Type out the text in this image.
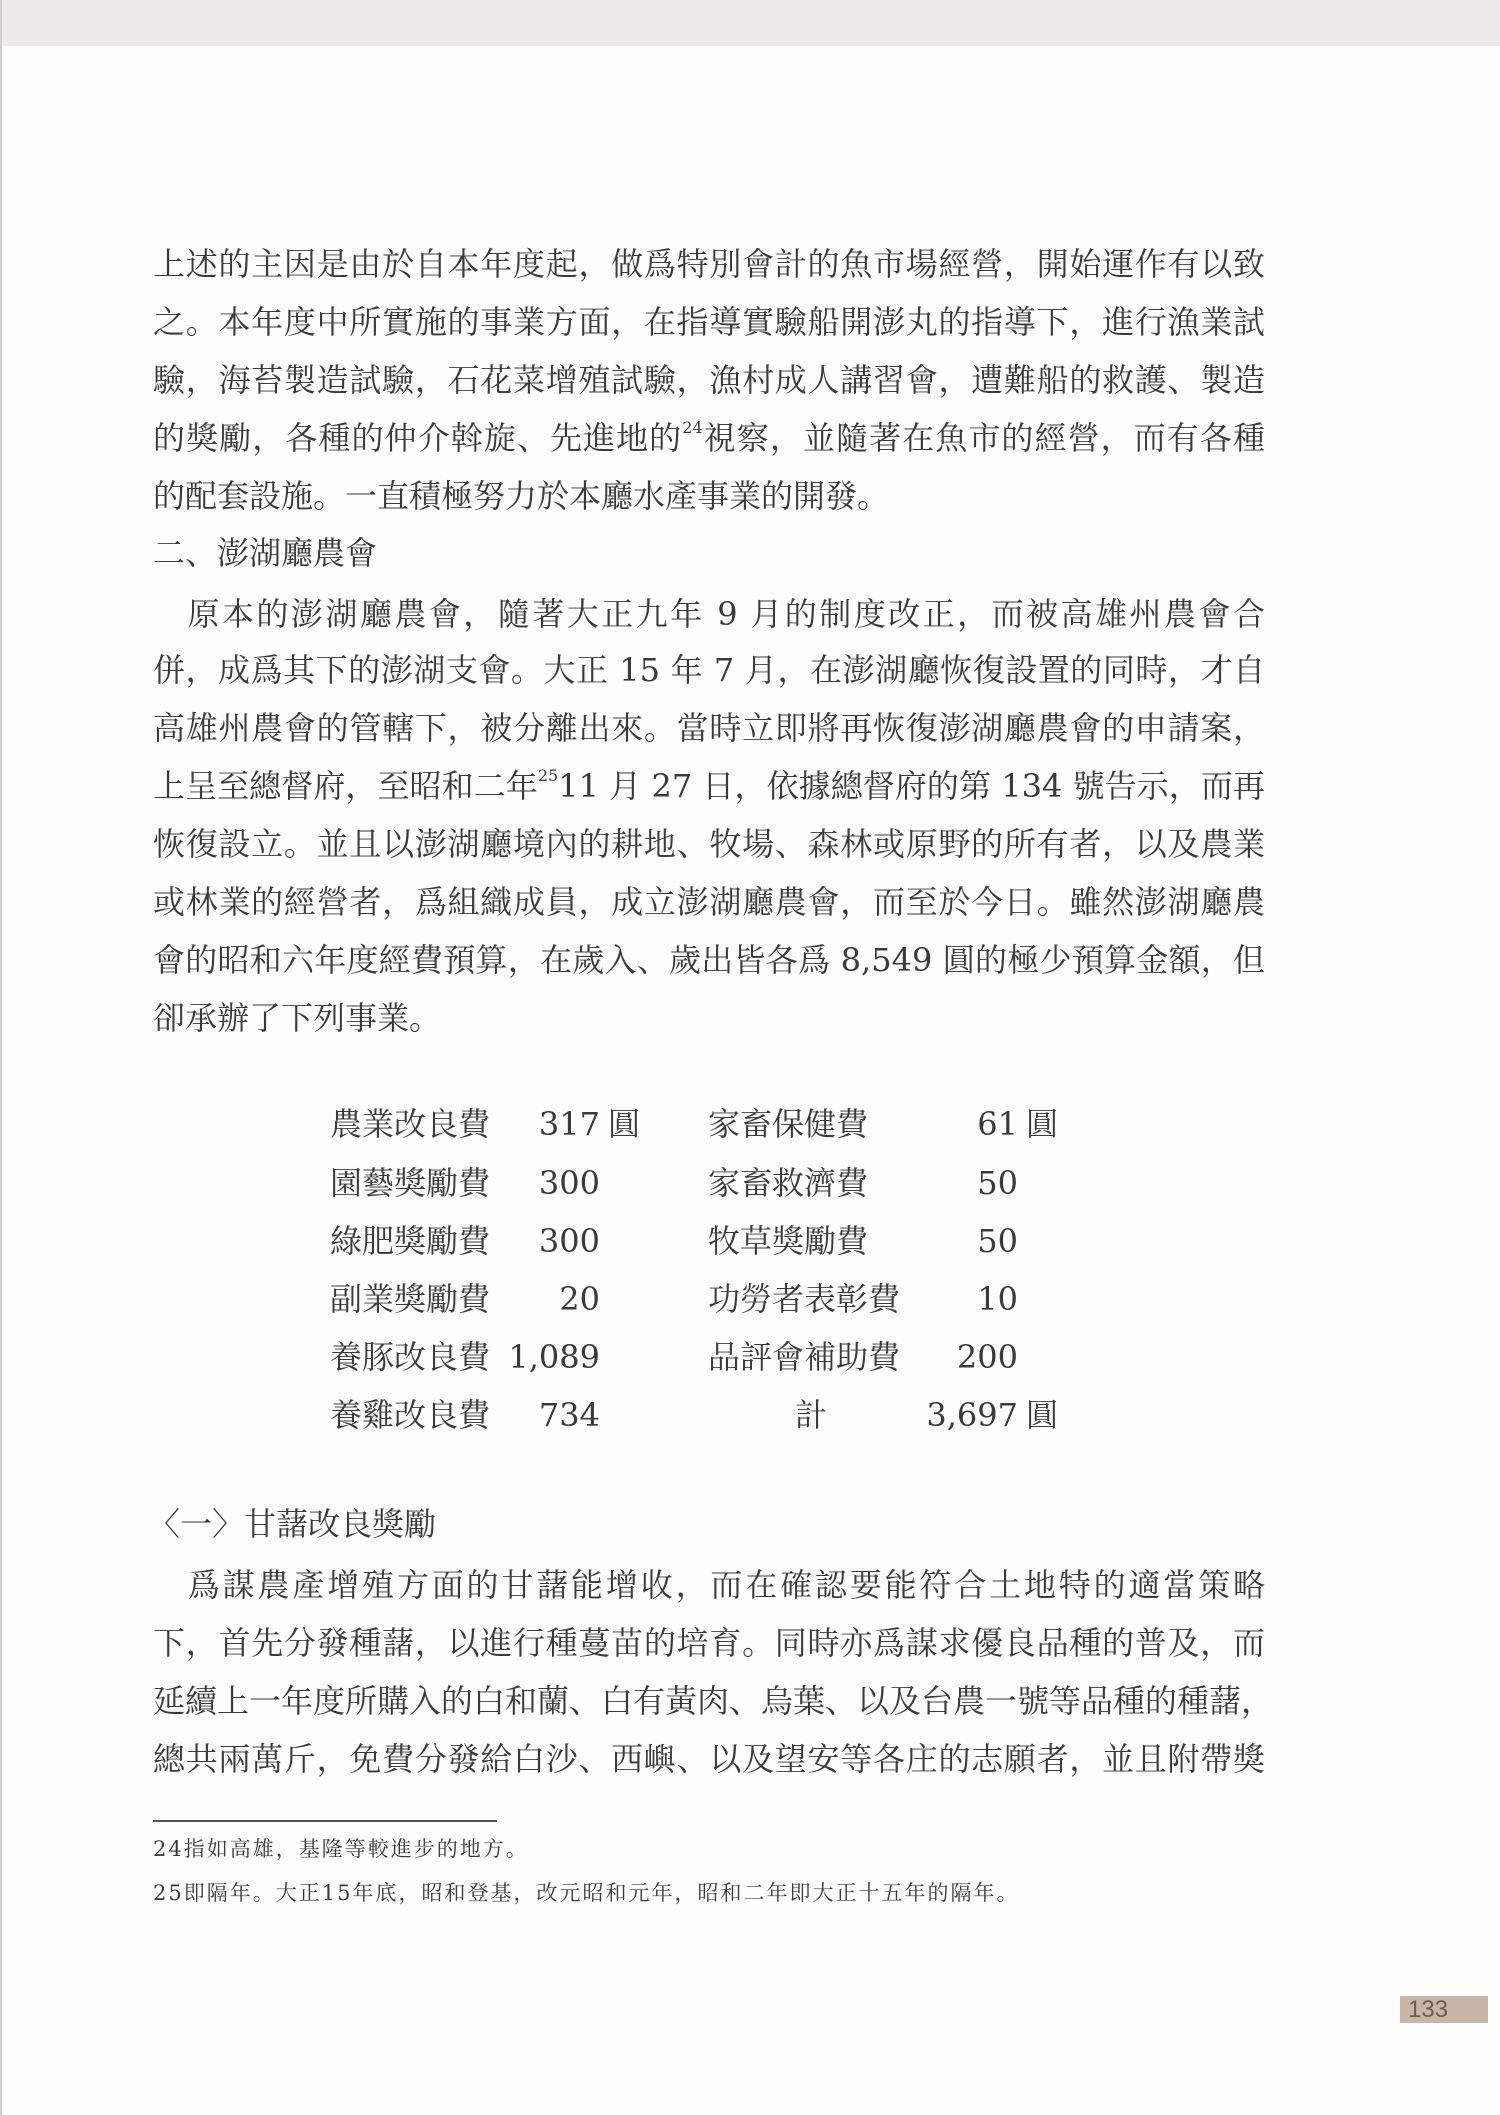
上述的主因是由於自本年度起，做爲特別會計的魚市場經營，開始運作有以致
之。本年度中所實施的事業方面，在指導實驗船開澎丸的指導下，進行漁業試
驗，海苔製造試驗，石花菜增殖試驗，漁村成人講習會，遭難船的救護、製造
的獎勵，各種的仲介斡旋、先進地的$^{24}$視察，並隨著在魚市的經營，而有各種
的配套設施。一直積極努力於本廳水產事業的開發。
二、澎湖廳農會
　原本的澎湖廳農會，隨著大正九年 9 月的制度改正，而被高雄州農會合
併，成爲其下的澎湖支會。大正 15 年 7 月，在澎湖廳恢復設置的同時，才自
高雄州農會的管轄下，被分離出來。當時立即將再恢復澎湖廳農會的申請案，
上呈至總督府，至昭和二年$^{25}$11 月 27 日，依據總督府的第 134 號告示，而再
恢復設立。並且以澎湖廳境內的耕地、牧場、森林或原野的所有者，以及農業
或林業的經營者，爲組織成員，成立澎湖廳農會，而至於今日。雖然澎湖廳農
會的昭和六年度經費預算，在歲入、歲出皆各爲 8,549 圓的極少預算金額，但
卻承辦了下列事業。
農業改良費	317 圓 家畜保健費	61 圓
園藝獎勵費	300	家畜救濟費	50
綠肥獎勵費	300	牧草獎勵費	50
副業獎勵費	20	功勞者表彰費	10
養豚改良費 1,089	品評會補助費	200
養雞改良費	734	計	3,697 圓
〈一〉甘藷改良獎勵
　爲謀農產增殖方面的甘藷能增收，而在確認要能符合土地特的適當策略
下，首先分發種藷，以進行種蔓苗的培育。同時亦爲謀求優良品種的普及，而
延續上一年度所購入的白和蘭、白有黃肉、烏葉、以及台農一號等品種的種藷，
總共兩萬斤，免費分發給白沙、西嶼、以及望安等各庄的志願者，並且附帶獎
24指如高雄，基隆等較進步的地方。
25即隔年。大正15年底，昭和登基，改元昭和元年，昭和二年即大正十五年的隔年。
133
